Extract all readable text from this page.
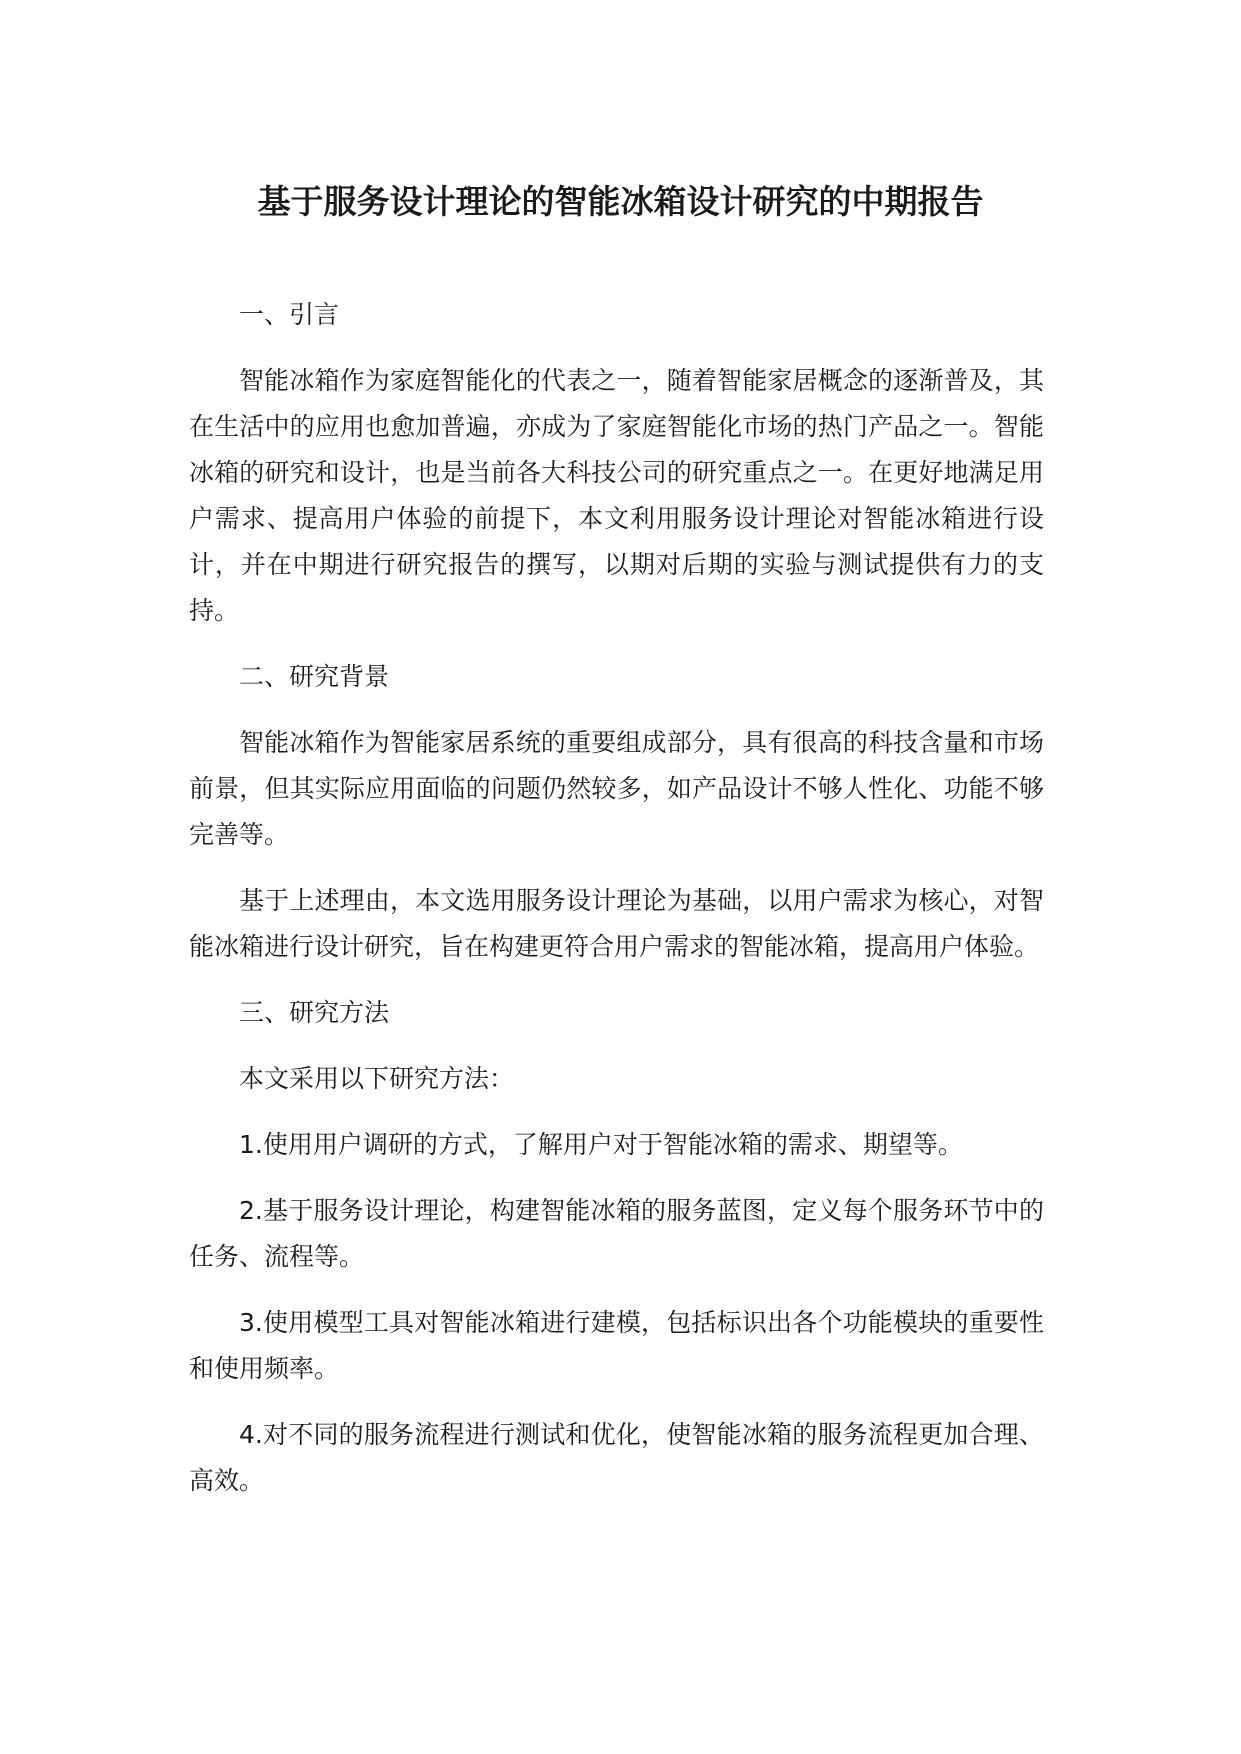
基于服务设计理论的智能冰箱设计研究的中期报告

一、引言

智能冰箱作为家庭智能化的代表之一，随着智能家居概念的逐渐普及，其在生活中的应用也愈加普遍，亦成为了家庭智能化市场的热门产品之一。智能冰箱的研究和设计，也是当前各大科技公司的研究重点之一。在更好地满足用户需求、提高用户体验的前提下，本文利用服务设计理论对智能冰箱进行设计，并在中期进行研究报告的撰写，以期对后期的实验与测试提供有力的支持。

二、研究背景

智能冰箱作为智能家居系统的重要组成部分，具有很高的科技含量和市场前景，但其实际应用面临的问题仍然较多，如产品设计不够人性化、功能不够完善等。

基于上述理由，本文选用服务设计理论为基础，以用户需求为核心，对智能冰箱进行设计研究，旨在构建更符合用户需求的智能冰箱，提高用户体验。

三、研究方法

本文采用以下研究方法：

1.使用用户调研的方式，了解用户对于智能冰箱的需求、期望等。

2.基于服务设计理论，构建智能冰箱的服务蓝图，定义每个服务环节中的任务、流程等。

3.使用模型工具对智能冰箱进行建模，包括标识出各个功能模块的重要性和使用频率。

4.对不同的服务流程进行测试和优化，使智能冰箱的服务流程更加合理、高效。
